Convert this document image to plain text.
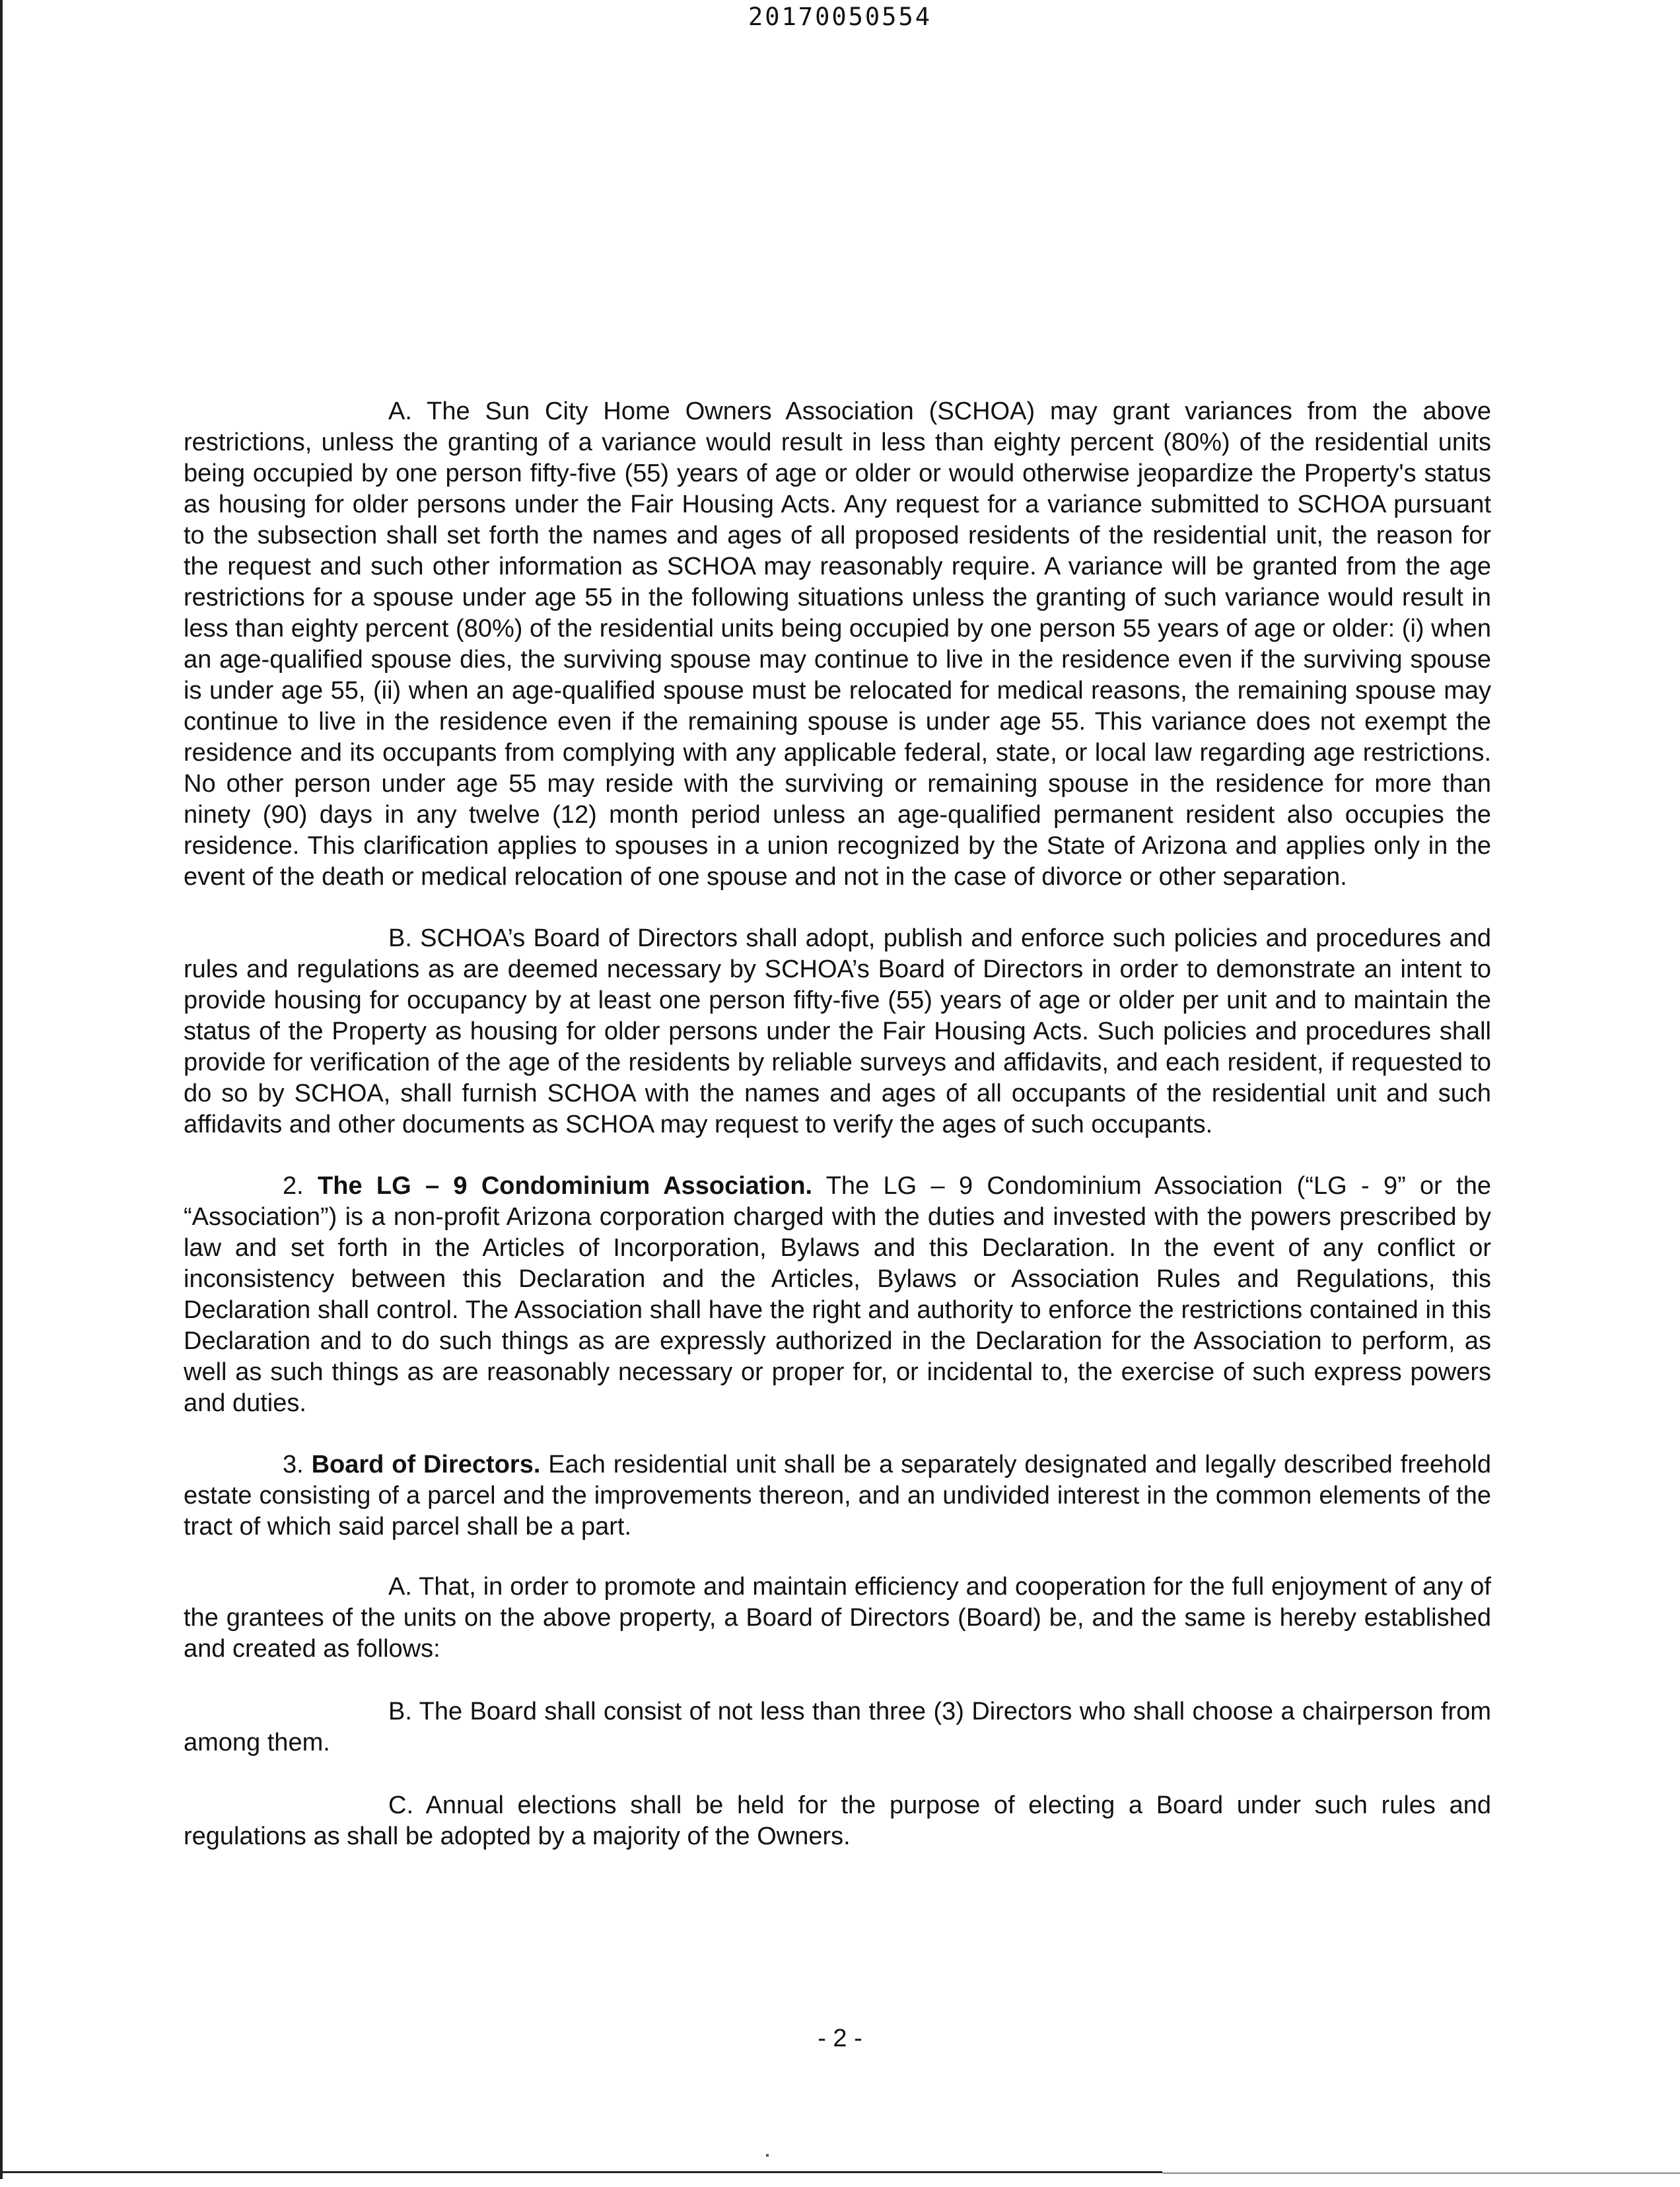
20170050554

A. The Sun City Home Owners Association (SCHOA) may grant variances from the above restrictions, unless the granting of a variance would result in less than eighty percent (80%) of the residential units being occupied by one person fifty-five (55) years of age or older or would otherwise jeopardize the Property's status as housing for older persons under the Fair Housing Acts. Any request for a variance submitted to SCHOA pursuant to the subsection shall set forth the names and ages of all proposed residents of the residential unit, the reason for the request and such other information as SCHOA may reasonably require. A variance will be granted from the age restrictions for a spouse under age 55 in the following situations unless the granting of such variance would result in less than eighty percent (80%) of the residential units being occupied by one person 55 years of age or older: (i) when an age-qualified spouse dies, the surviving spouse may continue to live in the residence even if the surviving spouse is under age 55, (ii) when an age-qualified spouse must be relocated for medical reasons, the remaining spouse may continue to live in the residence even if the remaining spouse is under age 55. This variance does not exempt the residence and its occupants from complying with any applicable federal, state, or local law regarding age restrictions. No other person under age 55 may reside with the surviving or remaining spouse in the residence for more than ninety (90) days in any twelve (12) month period unless an age-qualified permanent resident also occupies the residence. This clarification applies to spouses in a union recognized by the State of Arizona and applies only in the event of the death or medical relocation of one spouse and not in the case of divorce or other separation.

B. SCHOA’s Board of Directors shall adopt, publish and enforce such policies and procedures and rules and regulations as are deemed necessary by SCHOA’s Board of Directors in order to demonstrate an intent to provide housing for occupancy by at least one person fifty-five (55) years of age or older per unit and to maintain the status of the Property as housing for older persons under the Fair Housing Acts. Such policies and procedures shall provide for verification of the age of the residents by reliable surveys and affidavits, and each resident, if requested to do so by SCHOA, shall furnish SCHOA with the names and ages of all occupants of the residential unit and such affidavits and other documents as SCHOA may request to verify the ages of such occupants.

2. The LG – 9 Condominium Association. The LG – 9 Condominium Association (“LG - 9” or the “Association”) is a non-profit Arizona corporation charged with the duties and invested with the powers prescribed by law and set forth in the Articles of Incorporation, Bylaws and this Declaration. In the event of any conflict or inconsistency between this Declaration and the Articles, Bylaws or Association Rules and Regulations, this Declaration shall control. The Association shall have the right and authority to enforce the restrictions contained in this Declaration and to do such things as are expressly authorized in the Declaration for the Association to perform, as well as such things as are reasonably necessary or proper for, or incidental to, the exercise of such express powers and duties.

3. Board of Directors. Each residential unit shall be a separately designated and legally described freehold estate consisting of a parcel and the improvements thereon, and an undivided interest in the common elements of the tract of which said parcel shall be a part.

A. That, in order to promote and maintain efficiency and cooperation for the full enjoyment of any of the grantees of the units on the above property, a Board of Directors (Board) be, and the same is hereby established and created as follows:

B. The Board shall consist of not less than three (3) Directors who shall choose a chairperson from among them.

C. Annual elections shall be held for the purpose of electing a Board under such rules and regulations as shall be adopted by a majority of the Owners.

- 2 -
